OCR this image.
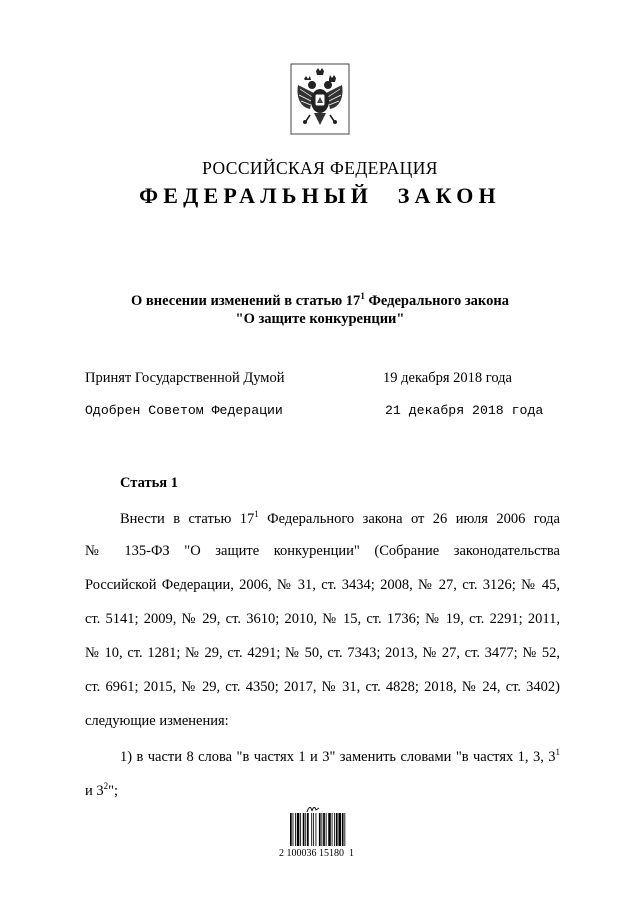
РОССИЙСКАЯ ФЕДЕРАЦИЯ
ФЕДЕРАЛЬНЫЙ ЗАКОН
О внесении изменений в статью $17^1$ Федерального закона
"О защите конкуренции"
Принят Государственной Думой	19 декабря 2018 года
Одобрен Советом Федерации	21 декабря 2018 года
Статья 1
Внести в статью $17^1$ Федерального закона от 26 июля 2006 года
№ 135-ФЗ "О защите конкуренции" (Собрание законодательства
Российской Федерации, 2006, № 31, ст. 3434; 2008, № 27, ст. 3126; № 45,
ст. 5141; 2009, № 29, ст. 3610; 2010, № 15, ст. 1736; № 19, ст. 2291; 2011,
№ 10, ст. 1281; № 29, ст. 4291; № 50, ст. 7343; 2013, № 27, ст. 3477; № 52,
ст. 6961; 2015, № 29, ст. 4350; 2017, № 31, ст. 4828; 2018, № 24, ст. 3402)
следующие изменения:
1) в части 8 слова "в частях 1 и 3" заменить словами "в частях 1, 3, $3^1$
и $3^2$";
2 100036 15180  1
